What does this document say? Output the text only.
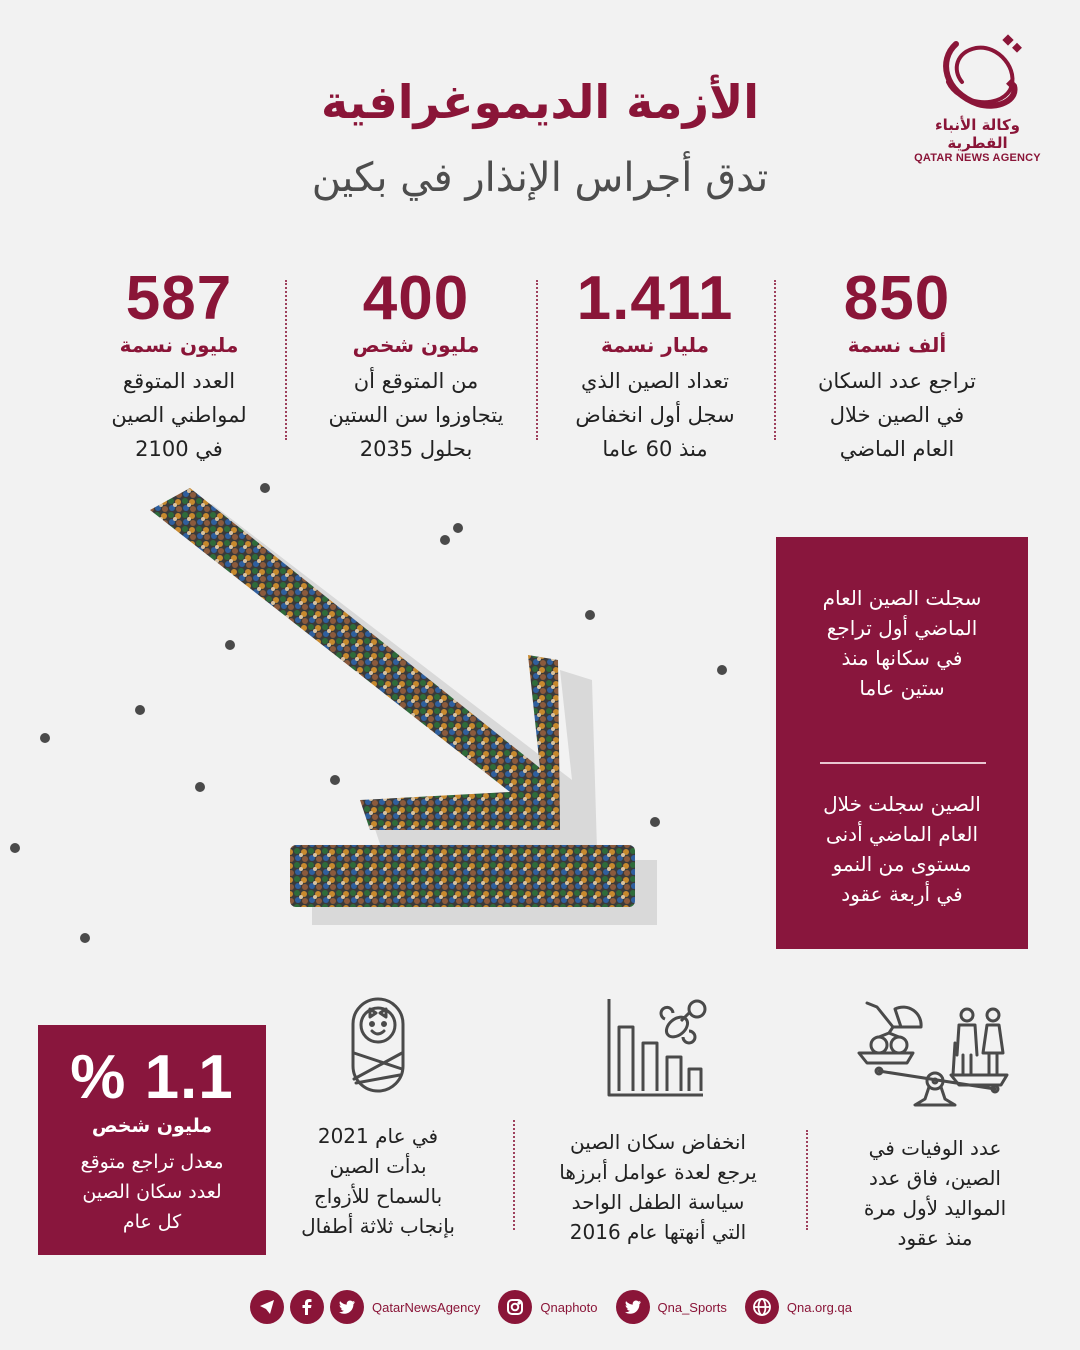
وكالة الأنباء القطرية
QATAR NEWS AGENCY
الأزمة الديموغرافية
تدق أجراس الإنذار في بكين
850
ألف نسمة
تراجع عدد السكان
في الصين خلال
العام الماضي
1.411
مليار نسمة
تعداد الصين الذي
سجل أول انخفاض
منذ 60 عاما
400
مليون شخص
من المتوقع أن
يتجاوزوا سن الستين
بحلول 2035
587
مليون نسمة
العدد المتوقع
لمواطني الصين
في 2100

سجلت الصين العام

الماضي أول تراجع

في سكانها منذ

ستين عاما

الصين سجلت خلال

العام الماضي أدنى

مستوى من النمو

في أربعة عقود

عدد الوفيات في
الصين، فاق عدد
المواليد لأول مرة
منذ عقود
انخفاض سكان الصين
يرجع لعدة عوامل أبرزها
سياسة الطفل الواحد
التي أنهتها عام 2016
في عام 2021
بدأت الصين
بالسماح للأزواج
بإنجاب ثلاثة أطفال
% 1.1
مليون شخص
معدل تراجع متوقع
لعدد سكان الصين
كل عام
QatarNewsAgency	Qnaphoto	Qna_Sports	Qna.org.qa
